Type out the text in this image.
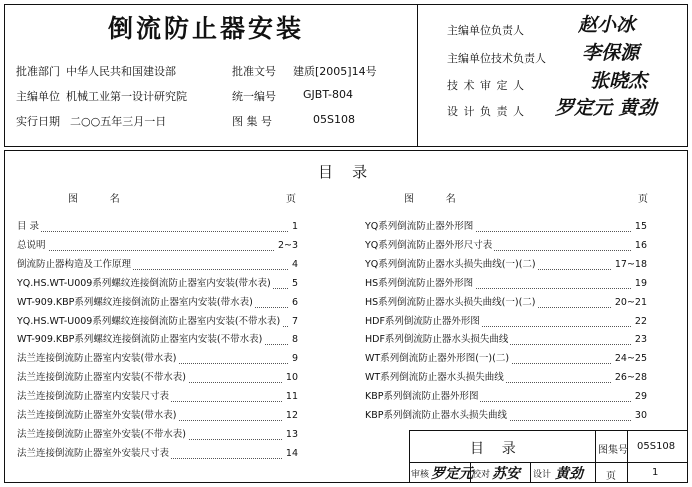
倒流防止器安装
批准部门 中华人民共和国建设部	批准文号 建质[2005]14号
主编单位 机械工业第一设计研究院	统一编号 GJBT-804
实行日期 二○○五年三月一日	图 集 号	05S108
主编单位负责人	赵小冰
主编单位技术负责人 李保源
技 术 审 定 人	张晓杰
设 计 负 责 人 罗定元 黄劲
目    录
图          名	页	图          名	页
目 录	1
总说明	2~3
倒流防止器构造及工作原理	4
YQ.HS.WT-U009系列螺纹连接倒流防止器室内安装(带水表)	5
WT-909.KBP系列螺纹连接倒流防止器室内安装(带水表)	6
YQ.HS.WT-U009系列螺纹连接倒流防止器室内安装(不带水表)	7
WT-909.KBP系列螺纹连接倒流防止器室内安装(不带水表)	8
法兰连接倒流防止器室内安装(带水表)	9
法兰连接倒流防止器室内安装(不带水表)	10
法兰连接倒流防止器室内安装尺寸表	11
法兰连接倒流防止器室外安装(带水表)	12
法兰连接倒流防止器室外安装(不带水表)	13
法兰连接倒流防止器室外安装尺寸表	14
YQ系列倒流防止器外形图	15
YQ系列倒流防止器外形尺寸表	16
YQ系列倒流防止器水头损失曲线(一)(二)	17~18
HS系列倒流防止器外形图	19
HS系列倒流防止器水头损失曲线(一)(二)	20~21
HDF系列倒流防止器外形图	22
HDF系列倒流防止器水头损失曲线	23
WT系列倒流防止器外形图(一)(二)	24~25
WT系列倒流防止器水头损失曲线	26~28
KBP系列倒流防止器外形图	29
KBP系列倒流防止器水头损失曲线	30
目    录	图集号 05S108
审核 罗定元 校对 苏安 设计 黄劲 页	1
